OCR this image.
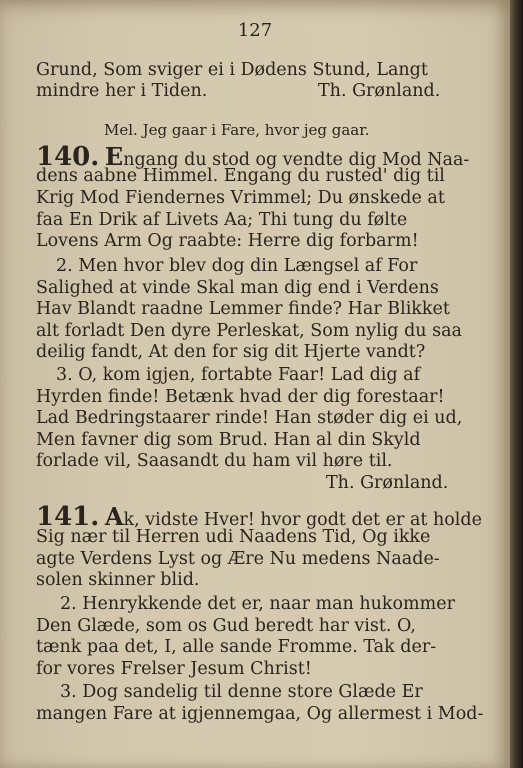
127
Grund, Som sviger ei i Dødens Stund, Langt
mindre her i Tiden.	Th. Grønland.
Mel. Jeg gaar i Fare, hvor jeg gaar.
140. Engang du stod og vendte dig Mod Naa-
dens aabne Himmel. Engang du rusted' dig til
Krig Mod Fiendernes Vrimmel; Du ønskede at
faa En Drik af Livets Aa; Thi tung du følte
Lovens Arm Og raabte: Herre dig forbarm!
2. Men hvor blev dog din Længsel af For
Salighed at vinde Skal man dig end i Verdens
Hav Blandt raadne Lemmer finde? Har Blikket
alt forladt Den dyre Perleskat, Som nylig du saa
deilig fandt, At den for sig dit Hjerte vandt?
3. O, kom igjen, fortabte Faar! Lad dig af
Hyrden finde! Betænk hvad der dig forestaar!
Lad Bedringstaarer rinde! Han støder dig ei ud,
Men favner dig som Brud. Han al din Skyld
forlade vil, Saasandt du ham vil høre til.
Th. Grønland.
141. Ak, vidste Hver! hvor godt det er at holde
Sig nær til Herren udi Naadens Tid, Og ikke
agte Verdens Lyst og Ære Nu medens Naade-
solen skinner blid.
2. Henrykkende det er, naar man hukommer
Den Glæde, som os Gud beredt har vist. O,
tænk paa det, I, alle sande Fromme. Tak der-
for vores Frelser Jesum Christ!
3. Dog sandelig til denne store Glæde Er
mangen Fare at igjennemgaa, Og allermest i Mod-
